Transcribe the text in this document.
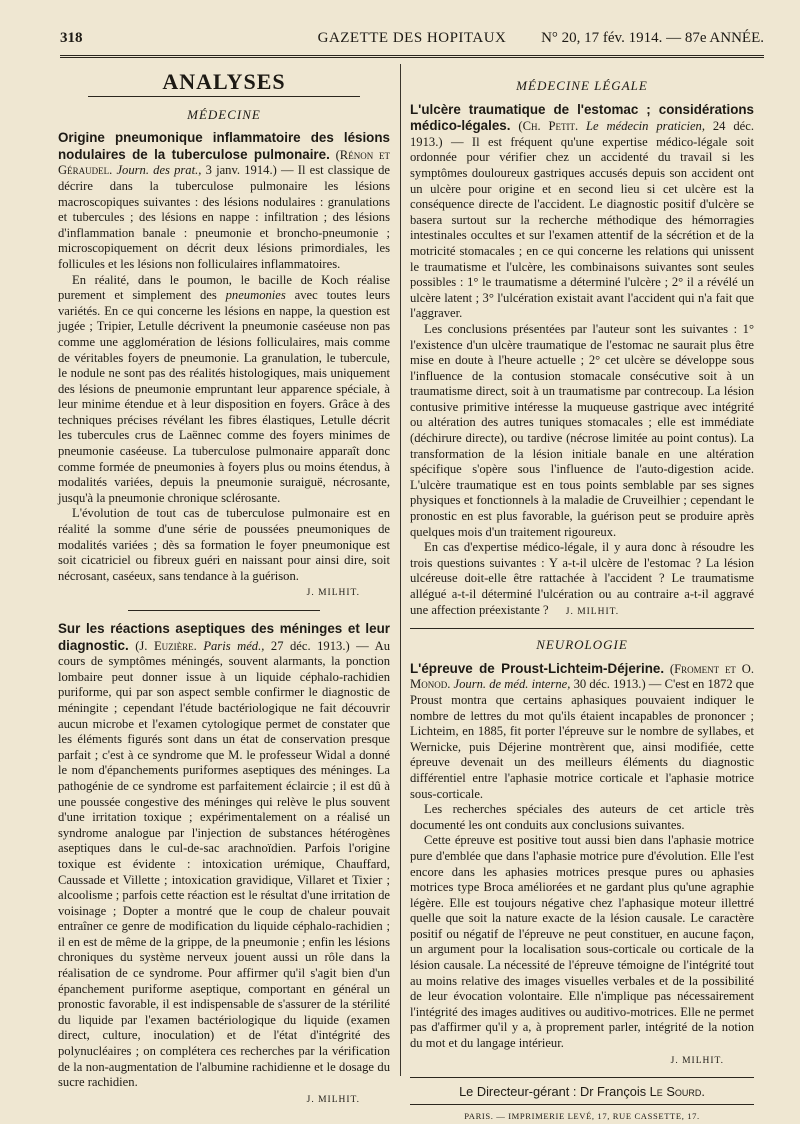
318	GAZETTE DES HOPITAUX	N° 20, 17 fév. 1914. — 87e ANNÉE.
ANALYSES
MÉDECINE

Origine pneumonique inflammatoire des lésions nodulaires de la tuberculose pulmonaire. (Rénon et Géraudel. Journ. des prat., 3 janv. 1914.) — Il est classique de décrire dans la tuberculose pulmonaire les lésions macroscopiques suivantes : des lésions nodulaires : granulations et tubercules ; des lésions en nappe : infiltration ; des lésions d'inflammation banale : pneumonie et broncho-pneumonie ; microscopiquement on décrit deux lésions primordiales, les follicules et les lésions non folliculaires inflammatoires.

En réalité, dans le poumon, le bacille de Koch réalise purement et simplement des pneumonies avec toutes leurs variétés. En ce qui concerne les lésions en nappe, la question est jugée ; Tripier, Letulle décrivent la pneumonie caséeuse non pas comme une agglomération de lésions folliculaires, mais comme de véritables foyers de pneumonie. La granulation, le tubercule, le nodule ne sont pas des réalités histologiques, mais uniquement des lésions de pneumonie empruntant leur apparence spéciale, à leur minime étendue et à leur disposition en foyers. Grâce à des techniques précises révélant les fibres élastiques, Letulle décrit les tubercules crus de Laënnec comme des foyers minimes de pneumonie caséeuse. La tuberculose pulmonaire apparaît donc comme formée de pneumonies à foyers plus ou moins étendus, à modalités variées, depuis la pneumonie suraiguë, nécrosante, jusqu'à la pneumonie chronique sclérosante.

L'évolution de tout cas de tuberculose pulmonaire est en réalité la somme d'une série de poussées pneumoniques de modalités variées ; dès sa formation le foyer pneumonique est soit cicatriciel ou fibreux guéri en naissant pour ainsi dire, soit nécrosant, caséeux, sans tendance à la guérison.

J. MILHIT.

Sur les réactions aseptiques des méninges et leur diagnostic. (J. Euzière. Paris méd., 27 déc. 1913.) — Au cours de symptômes méningés, souvent alarmants, la ponction lombaire peut donner issue à un liquide céphalo-rachidien puriforme, qui par son aspect semble confirmer le diagnostic de méningite ; cependant l'étude bactériologique ne fait découvrir aucun microbe et l'examen cytologique permet de constater que les éléments figurés sont dans un état de conservation presque parfait ; c'est à ce syndrome que M. le professeur Widal a donné le nom d'épanchements puriformes aseptiques des méninges. La pathogénie de ce syndrome est parfaitement éclaircie ; il est dû à une poussée congestive des méninges qui relève le plus souvent d'une irritation toxique ; expérimentalement on a réalisé un syndrome analogue par l'injection de substances hétérogènes aseptiques dans le cul-de-sac arachnoïdien. Parfois l'origine toxique est évidente : intoxication urémique, Chauffard, Caussade et Villette ; intoxication gravidique, Villaret et Tixier ; alcoolisme ; parfois cette réaction est le résultat d'une irritation de voisinage ; Dopter a montré que le coup de chaleur pouvait entraîner ce genre de modification du liquide céphalo-rachidien ; il en est de même de la grippe, de la pneumonie ; enfin les lésions chroniques du système nerveux jouent aussi un rôle dans la réalisation de ce syndrome. Pour affirmer qu'il s'agit bien d'un épanchement puriforme aseptique, comportant en général un pronostic favorable, il est indispensable de s'assurer de la stérilité du liquide par l'examen bactériologique du liquide (examen direct, culture, inoculation) et de l'état d'intégrité des polynucléaires ; on complétera ces recherches par la vérification de la non-augmentation de l'albumine rachidienne et le dosage du sucre rachidien.

J. MILHIT.
MÉDECINE LÉGALE

L'ulcère traumatique de l'estomac ; considérations médico-légales. (Ch. Petit. Le médecin praticien, 24 déc. 1913.) — Il est fréquent qu'une expertise médico-légale soit ordonnée pour vérifier chez un accidenté du travail si les symptômes douloureux gastriques accusés depuis son accident ont un ulcère pour origine et en second lieu si cet ulcère est la conséquence directe de l'accident. Le diagnostic positif d'ulcère se basera surtout sur la recherche méthodique des hémorragies intestinales occultes et sur l'examen attentif de la sécrétion et de la motricité stomacales ; en ce qui concerne les relations qui unissent le traumatisme et l'ulcère, les combinaisons suivantes sont seules possibles : 1° le traumatisme a déterminé l'ulcère ; 2° il a révélé un ulcère latent ; 3° l'ulcération existait avant l'accident qui n'a fait que l'aggraver.

Les conclusions présentées par l'auteur sont les suivantes : 1° l'existence d'un ulcère traumatique de l'estomac ne saurait plus être mise en doute à l'heure actuelle ; 2° cet ulcère se développe sous l'influence de la contusion stomacale consécutive soit à un traumatisme direct, soit à un traumatisme par contrecoup. La lésion contusive primitive intéresse la muqueuse gastrique avec intégrité ou altération des autres tuniques stomacales ; elle est immédiate (déchirure directe), ou tardive (nécrose limitée au point contus). La transformation de la lésion initiale banale en une altération spécifique s'opère sous l'influence de l'auto-digestion acide. L'ulcère traumatique est en tous points semblable par ses signes physiques et fonctionnels à la maladie de Cruveilhier ; cependant le pronostic en est plus favorable, la guérison peut se produire après quelques mois d'un traitement rigoureux.

En cas d'expertise médico-légale, il y aura donc à résoudre les trois questions suivantes : Y a-t-il ulcère de l'estomac ? La lésion ulcéreuse doit-elle être rattachée à l'accident ? Le traumatisme allégué a-t-il déterminé l'ulcération ou au contraire a-t-il aggravé une affection préexistante ? J. MILHIT.

NEUROLOGIE

L'épreuve de Proust-Lichteim-Déjerine. (Froment et O. Monod. Journ. de méd. interne, 30 déc. 1913.) — C'est en 1872 que Proust montra que certains aphasiques pouvaient indiquer le nombre de lettres du mot qu'ils étaient incapables de prononcer ; Lichteim, en 1885, fit porter l'épreuve sur le nombre de syllabes, et Wernicke, puis Déjerine montrèrent que, ainsi modifiée, cette épreuve devenait un des meilleurs éléments du diagnostic différentiel entre l'aphasie motrice corticale et l'aphasie motrice sous-corticale.

Les recherches spéciales des auteurs de cet article très documenté les ont conduits aux conclusions suivantes.

Cette épreuve est positive tout aussi bien dans l'aphasie motrice pure d'emblée que dans l'aphasie motrice pure d'évolution. Elle l'est encore dans les aphasies motrices presque pures ou aphasies motrices type Broca améliorées et ne gardant plus qu'une agraphie légère. Elle est toujours négative chez l'aphasique moteur illettré quelle que soit la nature exacte de la lésion causale. Le caractère positif ou négatif de l'épreuve ne peut constituer, en aucune façon, un argument pour la localisation sous-corticale ou corticale de la lésion causale. La nécessité de l'épreuve témoigne de l'intégrité tout au moins relative des images visuelles verbales et de la possibilité de leur évocation volontaire. Elle n'implique pas nécessairement l'intégrité des images auditives ou auditivo-motrices. Elle ne permet pas d'affirmer qu'il y a, à proprement parler, intégrité de la notion du mot et du langage intérieur.

J. MILHIT.
Le Directeur-gérant : Dr François Le Sourd.
PARIS. — IMPRIMERIE LEVÉ, 17, RUE CASSETTE, 17.
